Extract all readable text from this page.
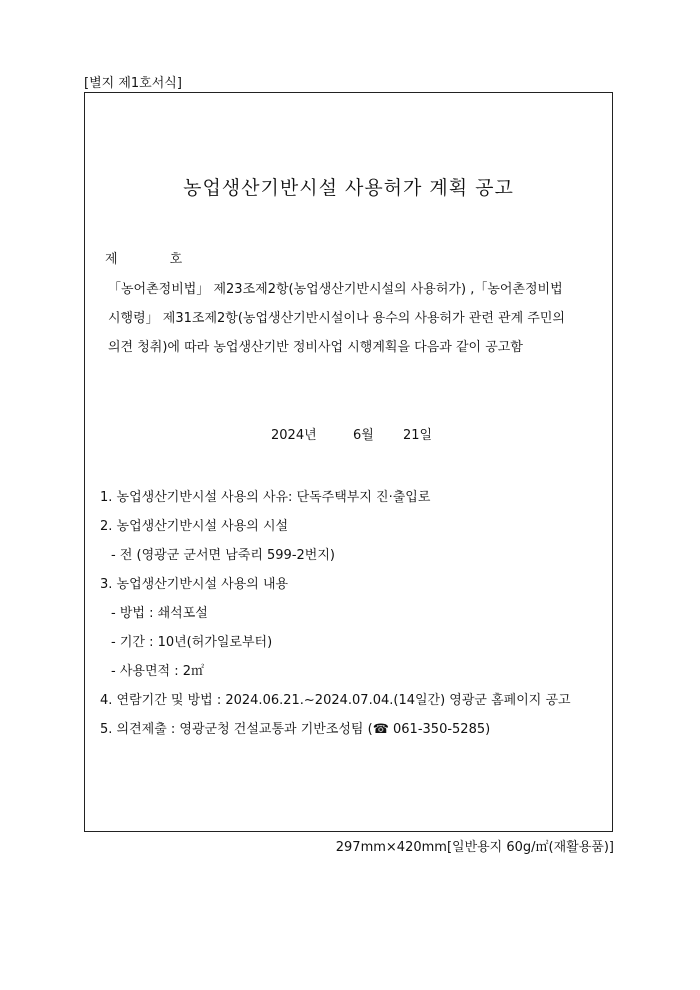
[별지 제1호서식]
농업생산기반시설 사용허가 계획 공고
제	호
「농어촌정비법」 제23조제2항(농업생산기반시설의 사용허가) ,「농어촌정비법
시행령」 제31조제2항(농업생산기반시설이나 용수의 사용허가 관련 관계 주민의
의견 청취)에 따라 농업생산기반 정비사업 시행계획을 다음과 같이 공고함
2024년	6월 21일
1. 농업생산기반시설 사용의 사유: 단독주택부지 진·출입로
2. 농업생산기반시설 사용의 시설
- 전 (영광군 군서면 남죽리 599-2번지)
3. 농업생산기반시설 사용의 내용
- 방법 : 쇄석포설
- 기간 : 10년(허가일로부터)
- 사용면적 : 2㎡
4. 연람기간 및 방법 : 2024.06.21.~2024.07.04.(14일간) 영광군 홈페이지 공고
5. 의견제출 : 영광군청 건설교통과 기반조성팀 (☎ 061-350-5285)
297mm×420mm[일반용지 60g/㎡(재활용품)]
